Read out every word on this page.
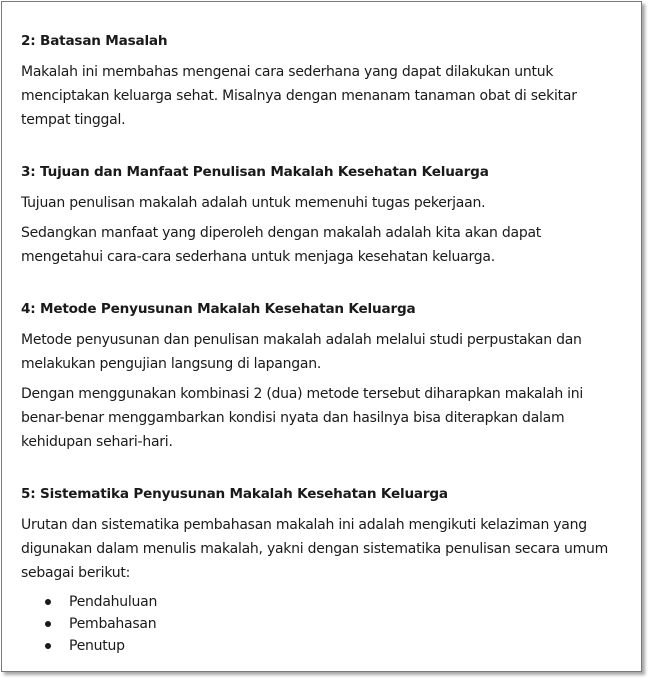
2: Batasan Masalah

Makalah ini membahas mengenai cara sederhana yang dapat dilakukan untuk menciptakan keluarga sehat. Misalnya dengan menanam tanaman obat di sekitar tempat tinggal.

3: Tujuan dan Manfaat Penulisan Makalah Kesehatan Keluarga

Tujuan penulisan makalah adalah untuk memenuhi tugas pekerjaan.

Sedangkan manfaat yang diperoleh dengan makalah adalah kita akan dapat mengetahui cara-cara sederhana untuk menjaga kesehatan keluarga.

4: Metode Penyusunan Makalah Kesehatan Keluarga

Metode penyusunan dan penulisan makalah adalah melalui studi perpustakan dan melakukan pengujian langsung di lapangan.

Dengan menggunakan kombinasi 2 (dua) metode tersebut diharapkan makalah ini benar-benar menggambarkan kondisi nyata dan hasilnya bisa diterapkan dalam kehidupan sehari-hari.

5: Sistematika Penyusunan Makalah Kesehatan Keluarga

Urutan dan sistematika pembahasan makalah ini adalah mengikuti kelaziman yang digunakan dalam menulis makalah, yakni dengan sistematika penulisan secara umum sebagai berikut:

Pendahuluan
Pembahasan
Penutup
